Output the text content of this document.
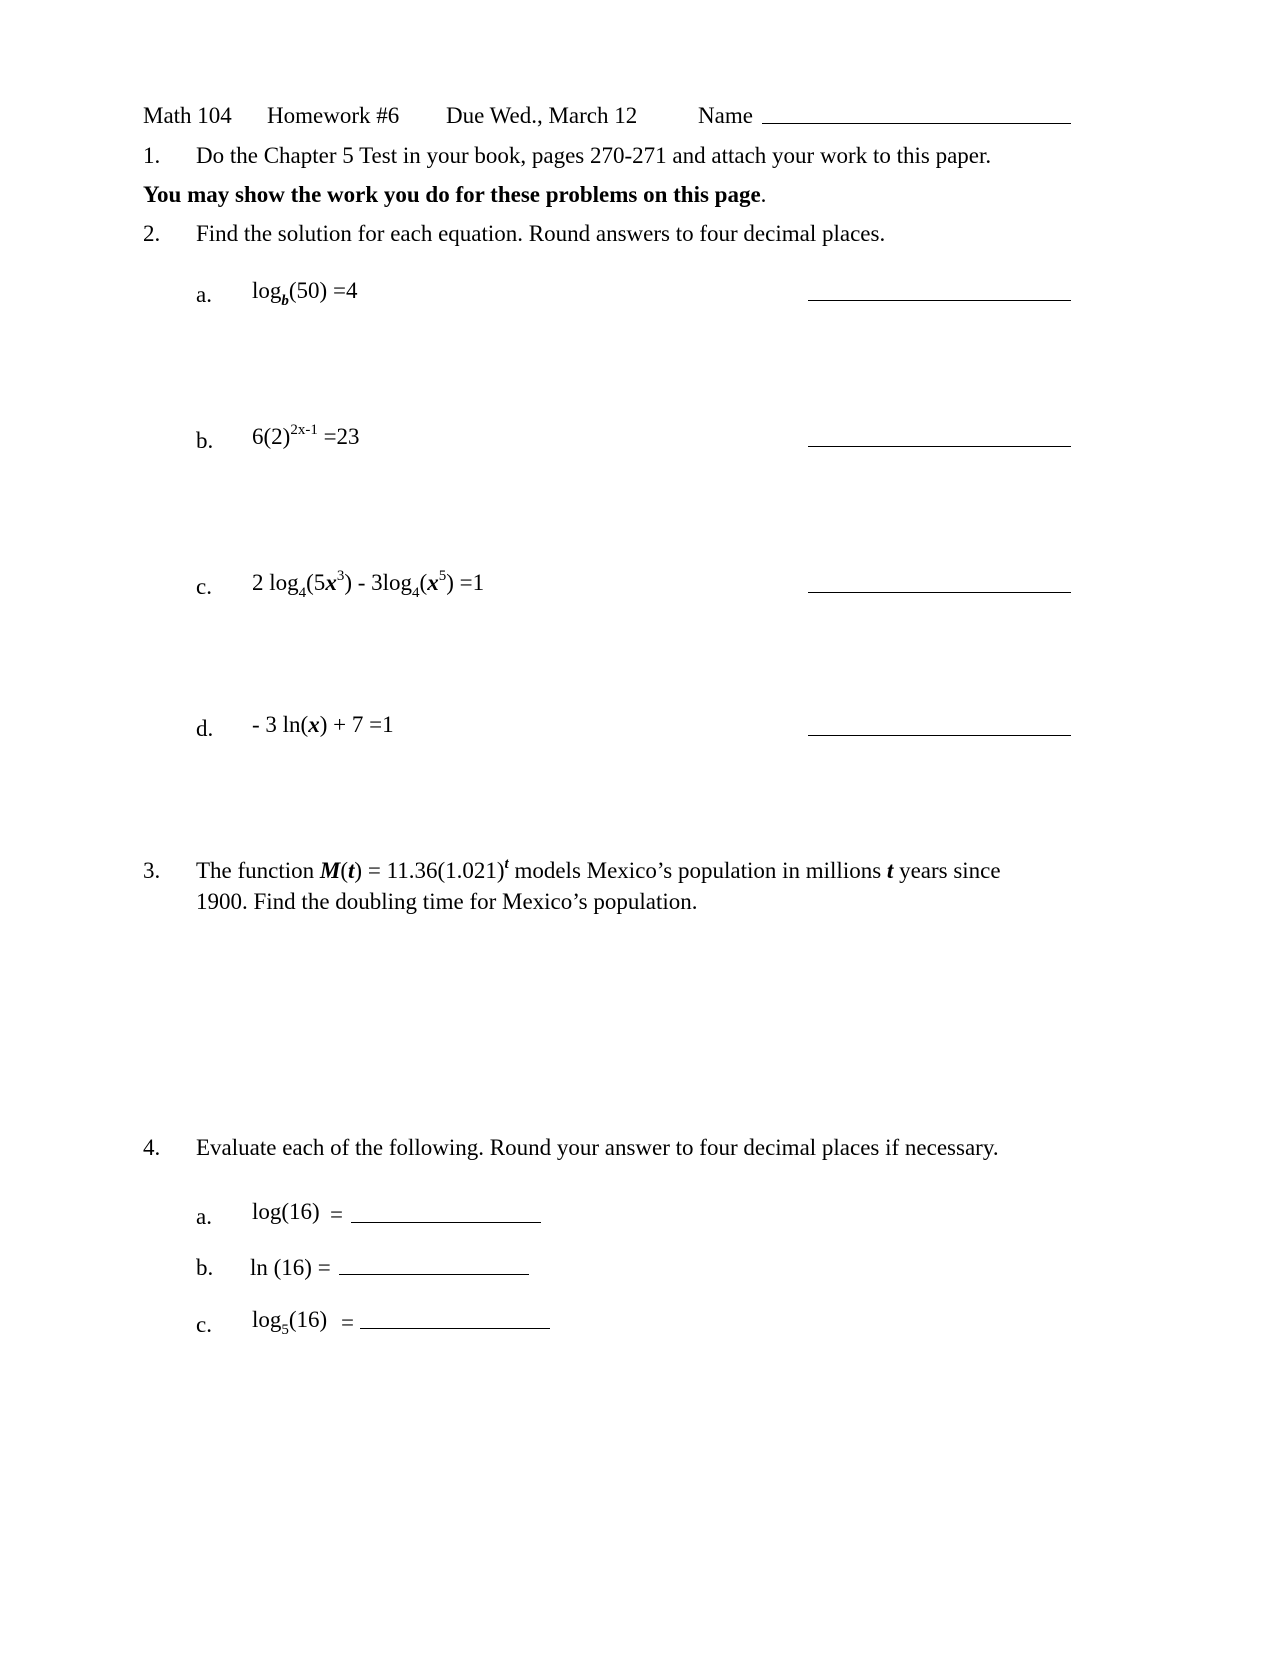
Math 104 Homework #6 Due Wed., March 12	Name
1. Do the Chapter 5 Test in your book, pages 270-271 and attach your work to this paper.
You may show the work you do for these problems on this page.
2. Find the solution for each equation. Round answers to four decimal places.
a. $\log_b(50) =4$
b. $6(2)^{2x-1} =23$
c. 2 $\log_4(5x^3) - 3\log_4(x^5) =1$
d. - 3 ln(x) + 7 =1
3. The function $M(t) = 11.36(1.021)^t$ models Mexico’s population in millions t years since
1900. Find the doubling time for Mexico’s population.
4. Evaluate each of the following. Round your answer to four decimal places if necessary.
a. log(16) =
b. ln (16) =
c. $\log_5(16)$ =
